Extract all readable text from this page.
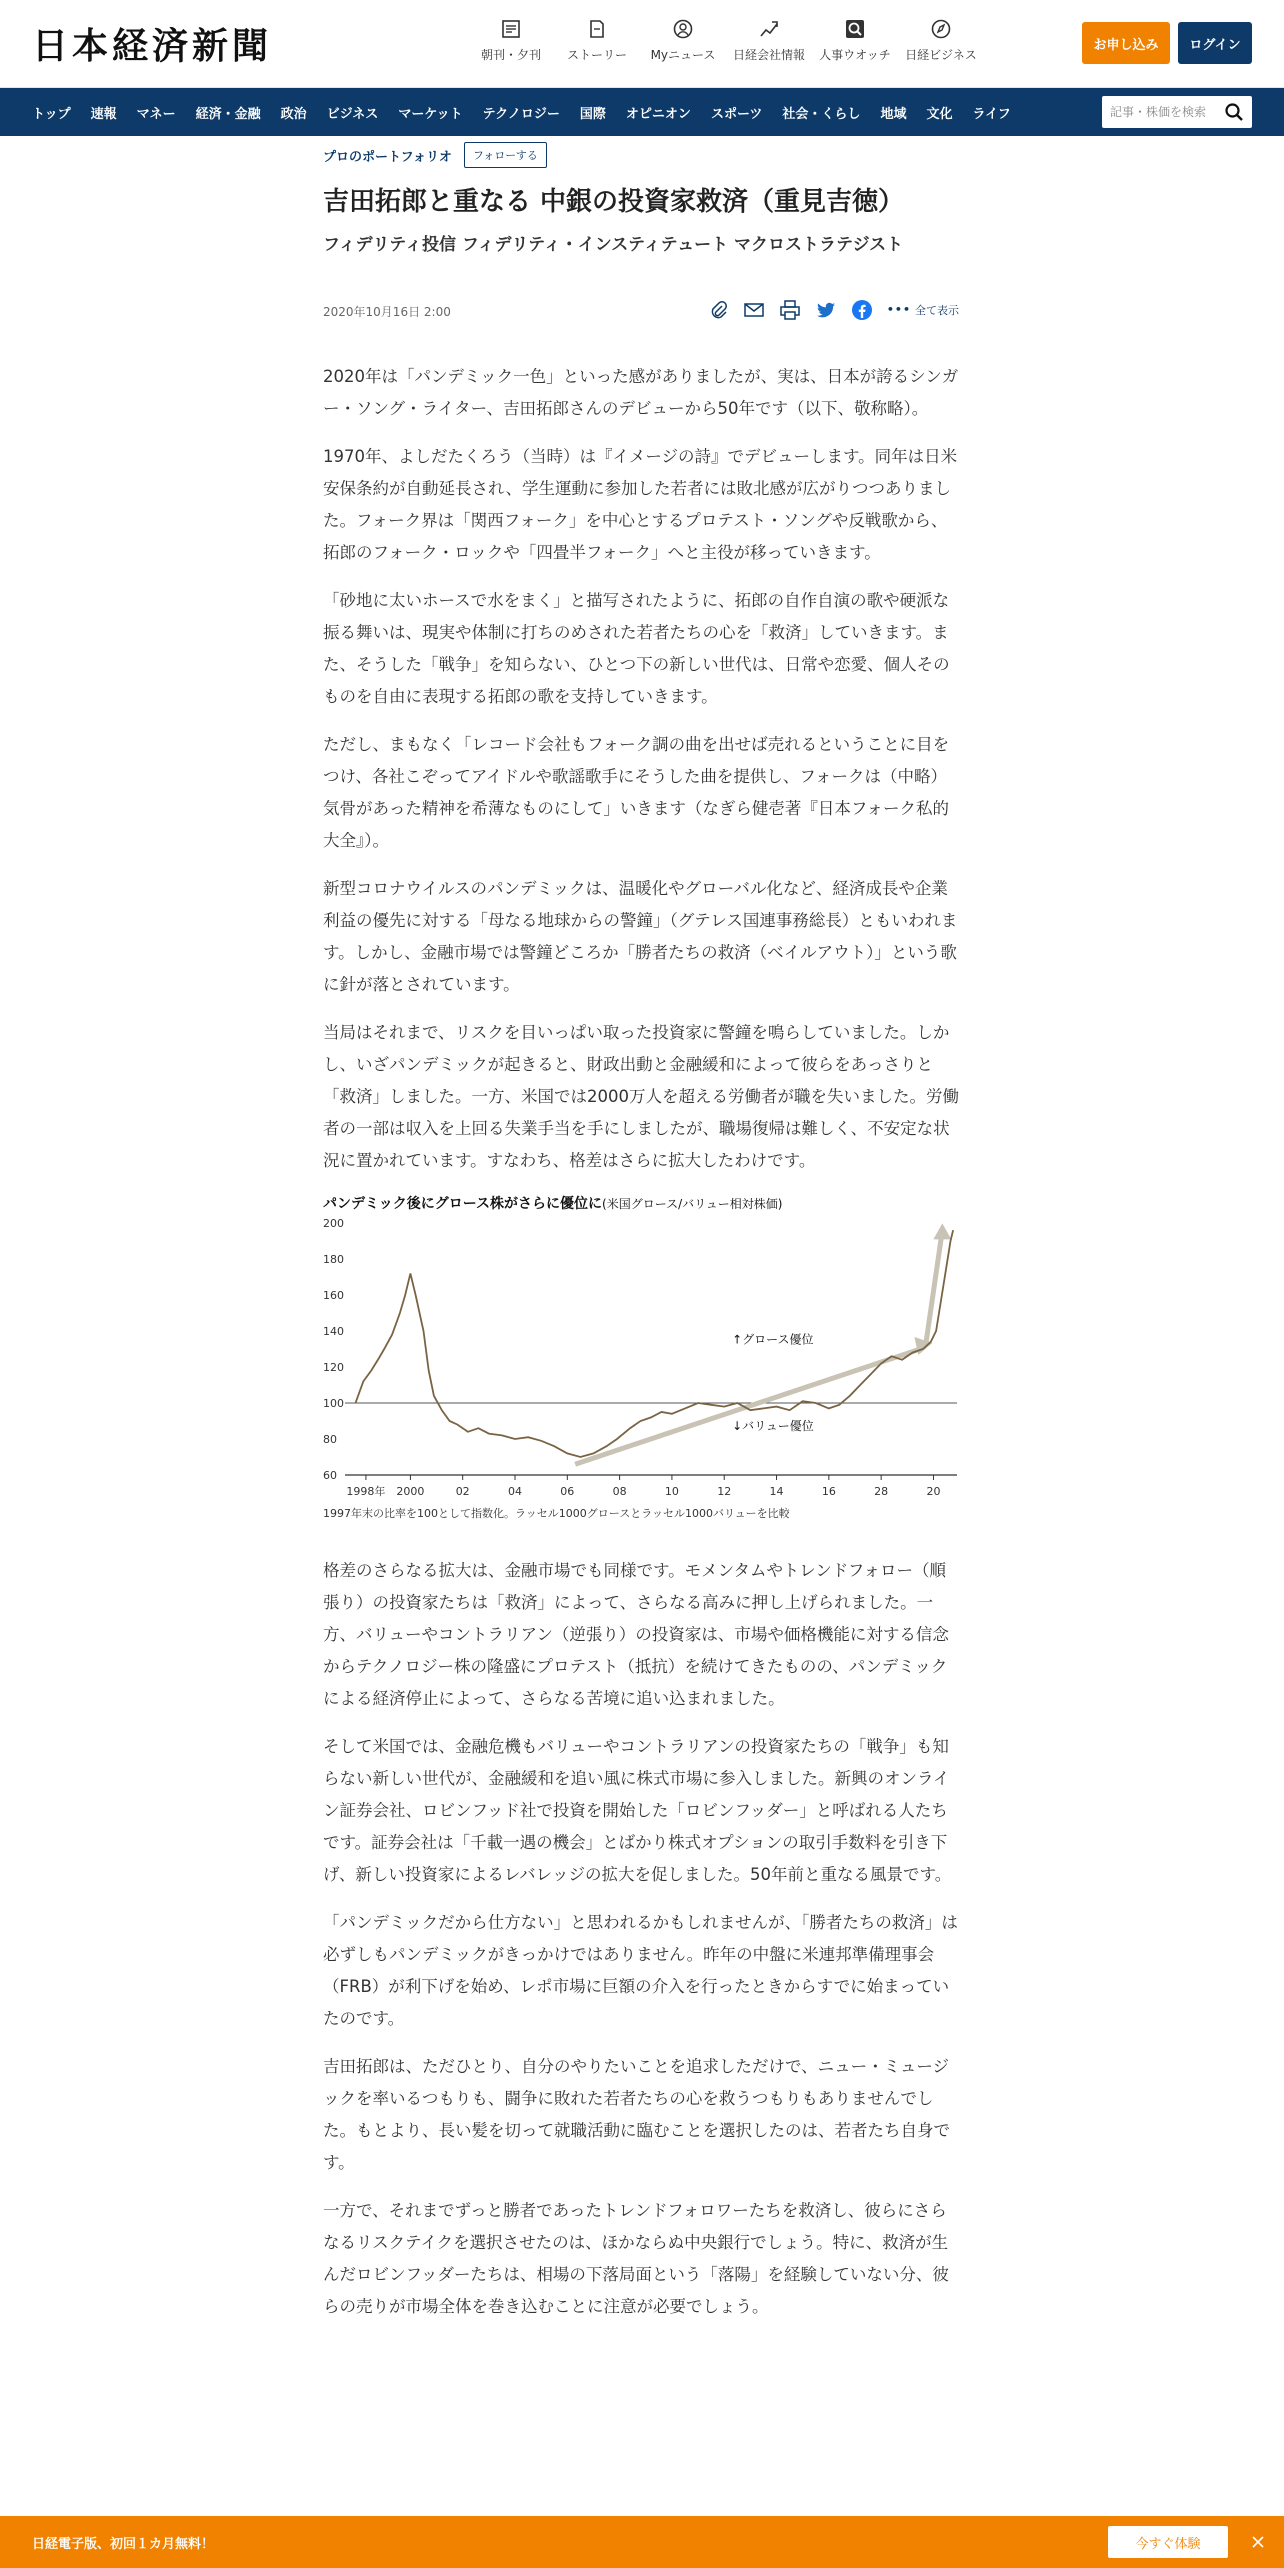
日本経済新聞	朝刊・夕刊 ストーリー Myニュース 日経会社情報 人事ウオッチ 日経ビジネス
お申し込み	ログイン
トップ	速報	マネー	経済・金融	政治	ビジネス	マーケット	テクノロジー	国際	オピニオン	スポーツ	社会・くらし	地域	文化	ライフ
記事・株価を検索
プロのポートフォリオ	フォローする
吉田拓郎と重なる 中銀の投資家救済（重見吉徳）
フィデリティ投信 フィデリティ・インスティテュート マクロストラテジスト
2020年10月16日 2:00	••• 全て表示

2020年は「パンデミック一色」といった感がありましたが、実は、日本が誇るシンガー・ソング・ライター、吉田拓郎さんのデビューから50年です（以下、敬称略）。

1970年、よしだたくろう（当時）は『イメージの詩』でデビューします。同年は日米安保条約が自動延長され、学生運動に参加した若者には敗北感が広がりつつありました。フォーク界は「関西フォーク」を中心とするプロテスト・ソングや反戦歌から、拓郎のフォーク・ロックや「四畳半フォーク」へと主役が移っていきます。

「砂地に太いホースで水をまく」と描写されたように、拓郎の自作自演の歌や硬派な振る舞いは、現実や体制に打ちのめされた若者たちの心を「救済」していきます。また、そうした「戦争」を知らない、ひとつ下の新しい世代は、日常や恋愛、個人そのものを自由に表現する拓郎の歌を支持していきます。

ただし、まもなく「レコード会社もフォーク調の曲を出せば売れるということに目をつけ、各社こぞってアイドルや歌謡歌手にそうした曲を提供し、フォークは（中略）気骨があった精神を希薄なものにして」いきます（なぎら健壱著『日本フォーク私的大全』）。

新型コロナウイルスのパンデミックは、温暖化やグローバル化など、経済成長や企業利益の優先に対する「母なる地球からの警鐘」（グテレス国連事務総長）ともいわれます。しかし、金融市場では警鐘どころか「勝者たちの救済（ベイルアウト）」という歌に針が落とされています。

当局はそれまで、リスクを目いっぱい取った投資家に警鐘を鳴らしていました。しかし、いざパンデミックが起きると、財政出動と金融緩和によって彼らをあっさりと「救済」しました。一方、米国では2000万人を超える労働者が職を失いました。労働者の一部は収入を上回る失業手当を手にしましたが、職場復帰は難しく、不安定な状況に置かれています。すなわち、格差はさらに拡大したわけです。

パンデミック後にグロース株がさらに優位に(米国グロース/バリュー相対株価)
60
80
100
120
140
160
180
200
1998年 2000	02	04	06	08	10	12	14	16	28	20
↑グロース優位
↓バリュー優位
1997年末の比率を100として指数化。ラッセル1000グロースとラッセル1000バリューを比較

格差のさらなる拡大は、金融市場でも同様です。モメンタムやトレンドフォロー（順張り）の投資家たちは「救済」によって、さらなる高みに押し上げられました。一方、バリューやコントラリアン（逆張り）の投資家は、市場や価格機能に対する信念からテクノロジー株の隆盛にプロテスト（抵抗）を続けてきたものの、パンデミックによる経済停止によって、さらなる苦境に追い込まれました。

そして米国では、金融危機もバリューやコントラリアンの投資家たちの「戦争」も知らない新しい世代が、金融緩和を追い風に株式市場に参入しました。新興のオンライン証券会社、ロビンフッド社で投資を開始した「ロビンフッダー」と呼ばれる人たちです。証券会社は「千載一遇の機会」とばかり株式オプションの取引手数料を引き下げ、新しい投資家によるレバレッジの拡大を促しました。50年前と重なる風景です。

「パンデミックだから仕方ない」と思われるかもしれませんが、「勝者たちの救済」は必ずしもパンデミックがきっかけではありません。昨年の中盤に米連邦準備理事会（FRB）が利下げを始め、レポ市場に巨額の介入を行ったときからすでに始まっていたのです。

吉田拓郎は、ただひとり、自分のやりたいことを追求しただけで、ニュー・ミュージックを率いるつもりも、闘争に敗れた若者たちの心を救うつもりもありませんでした。もとより、長い髪を切って就職活動に臨むことを選択したのは、若者たち自身です。

一方で、それまでずっと勝者であったトレンドフォロワーたちを救済し、彼らにさらなるリスクテイクを選択させたのは、ほかならぬ中央銀行でしょう。特に、救済が生んだロビンフッダーたちは、相場の下落局面という「落陽」を経験していない分、彼らの売りが市場全体を巻き込むことに注意が必要でしょう。

日経電子版、初回１カ月無料！	今すぐ体験
